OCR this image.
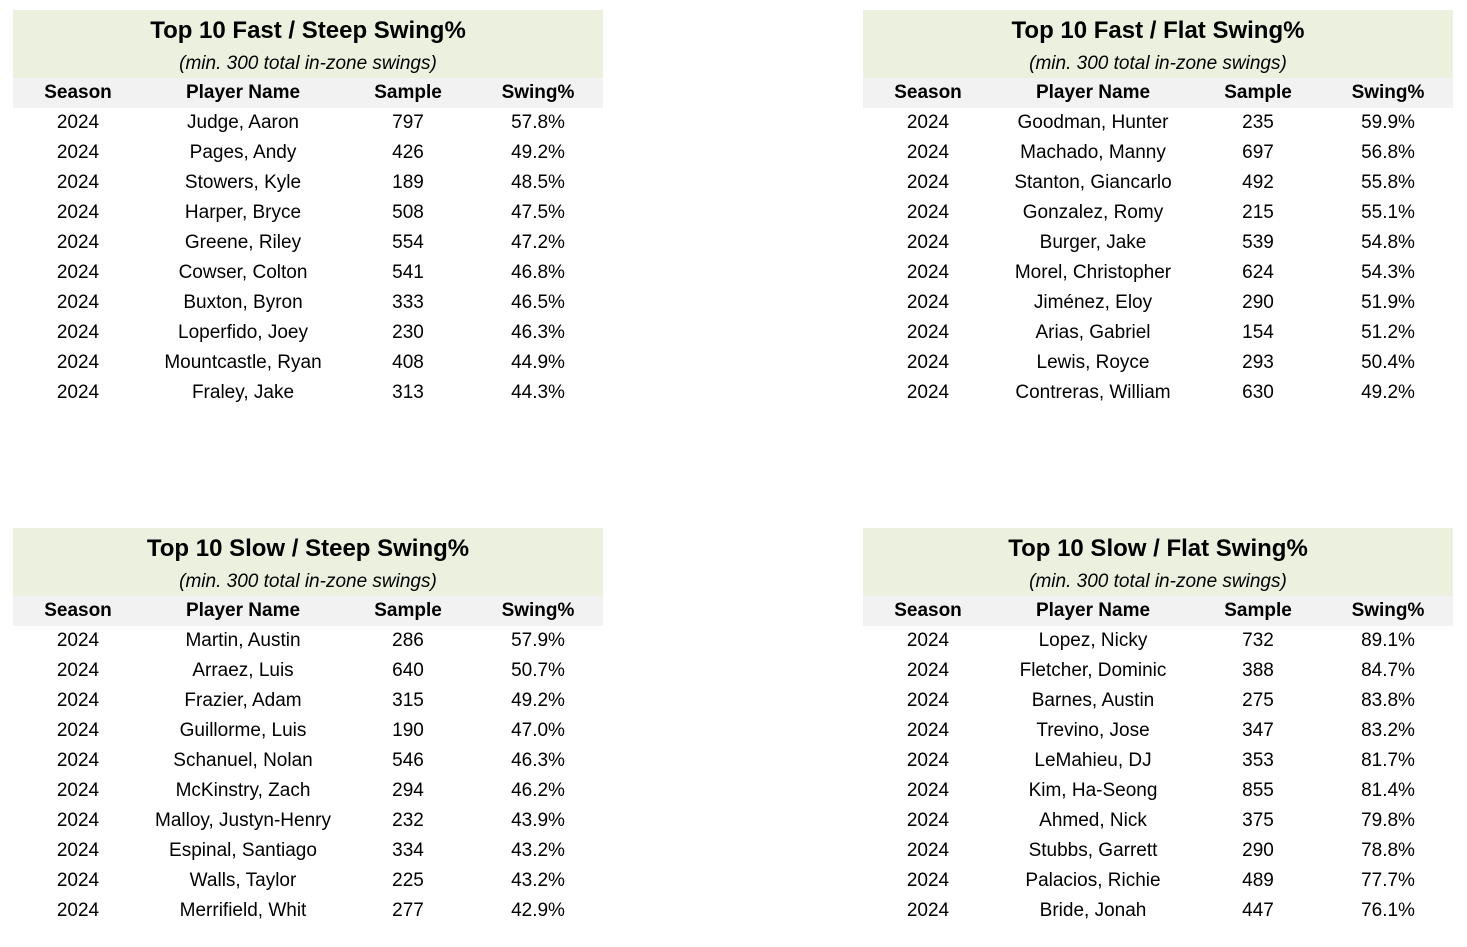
Top 10 Fast / Steep Swing%
(min. 300 total in-zone swings)
Season	Player Name	Sample	Swing%
2024	Judge, Aaron	797	57.8%
2024	Pages, Andy	426	49.2%
2024	Stowers, Kyle	189	48.5%
2024	Harper, Bryce	508	47.5%
2024	Greene, Riley	554	47.2%
2024	Cowser, Colton	541	46.8%
2024	Buxton, Byron	333	46.5%
2024	Loperfido, Joey	230	46.3%
2024	Mountcastle, Ryan	408	44.9%
2024	Fraley, Jake	313	44.3%
Top 10 Fast / Flat Swing%
(min. 300 total in-zone swings)
Season	Player Name	Sample	Swing%
2024	Goodman, Hunter	235	59.9%
2024	Machado, Manny	697	56.8%
2024	Stanton, Giancarlo	492	55.8%
2024	Gonzalez, Romy	215	55.1%
2024	Burger, Jake	539	54.8%
2024	Morel, Christopher	624	54.3%
2024	Jiménez, Eloy	290	51.9%
2024	Arias, Gabriel	154	51.2%
2024	Lewis, Royce	293	50.4%
2024	Contreras, William	630	49.2%
Top 10 Slow / Steep Swing%
(min. 300 total in-zone swings)
Season	Player Name	Sample	Swing%
2024	Martin, Austin	286	57.9%
2024	Arraez, Luis	640	50.7%
2024	Frazier, Adam	315	49.2%
2024	Guillorme, Luis	190	47.0%
2024	Schanuel, Nolan	546	46.3%
2024	McKinstry, Zach	294	46.2%
2024	Malloy, Justyn-Henry	232	43.9%
2024	Espinal, Santiago	334	43.2%
2024	Walls, Taylor	225	43.2%
2024	Merrifield, Whit	277	42.9%
Top 10 Slow / Flat Swing%
(min. 300 total in-zone swings)
Season	Player Name	Sample	Swing%
2024	Lopez, Nicky	732	89.1%
2024	Fletcher, Dominic	388	84.7%
2024	Barnes, Austin	275	83.8%
2024	Trevino, Jose	347	83.2%
2024	LeMahieu, DJ	353	81.7%
2024	Kim, Ha-Seong	855	81.4%
2024	Ahmed, Nick	375	79.8%
2024	Stubbs, Garrett	290	78.8%
2024	Palacios, Richie	489	77.7%
2024	Bride, Jonah	447	76.1%
